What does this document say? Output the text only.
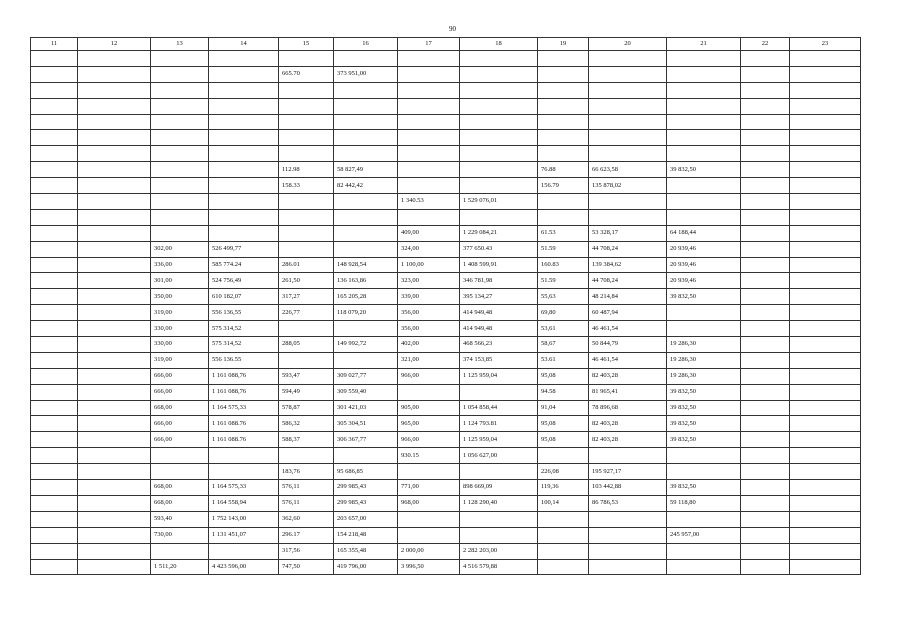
90
11	12	13	14	15	16	17	18	19	20	21	22	23

				665.70	373 951,00							

				112.98	58 827,49			76.88	66 623,58	39 832,50		
				158.33	82 442,42			156.79	135 878,02			
						1 340.53	1 529 076,01					

						409,00	1 229 084,21	61.53	53 328,17	64 188,44		
		302,00	526 499,77			324,00	377 650.43	51.59	44 708,24	20 939,46		
		336,00	585 774.24	286.01	148 928,54	1 100,00	1 408 599,91	160.83	139 384,62	20 939,46		
		301,00	524 756,49	261,50	136 163,86	323,00	346 781,98	51.59	44 708,24	20 939,46		
		350,00	610 182,07	317,27	165 205,28	339,00	395 134,27	55,63	48 214,84	39 832,50		
		319,00	556 136,55	226,77	118 079,20	356,00	414 949,48	69,80	60 487,94			
		330,00	575 314,52			356,00	414 949,48	53,61	46 461,54			
		330,00	575 314,52	288,05	149 992,72	402,00	468 566,23	58,67	50 844,79	19 286,30		
		319,00	556 136.55			321,00	374 153,85	53.61	46 461,54	19 286,30		
		666,00	1 161 088,76	593,47	309 027,77	966,00	1 125 959,04	95,08	82 403,28	19 286,30		
		666,00	1 161 088,76	594,49	309 559,40			94.58	81 965,41	39 832,50		
		668,00	1 164 575,33	578,87	301 421,03	905,00	1 054 858,44	91,04	78 896,68	39 832,50		
		666,00	1 161 088.76	586,32	305 304,51	965,00	1 124 793.81	95,08	82 403,28	39 832,50		
		666,00	1 161 088.76	588,37	306 367,77	966,00	1 125 959,04	95,08	82 403,28	39 832,50		
						930.15	1 056 627,00					
				183,76	95 686,85			226,08	195 927,17			
		668,00	1 164 575,33	576,11	299 985,43	771,00	898 669,09	119,36	103 442,88	39 832,50		
		668,00	1 164 558,94	576,11	299 985,43	968,00	1 128 290,40	100,14	86 786,53	59 118,80		
		593,40	1 752 143,00	362,60	203 657,00							
		730,00	1 131 451,07	296.17	154 218,48					245 957,00		
				317,56	165 355,48	2 000,00	2 282 203,00					
		1 511,20	4 423 596,00	747,50	419 796,00	3 996,50	4 516 579,88					
